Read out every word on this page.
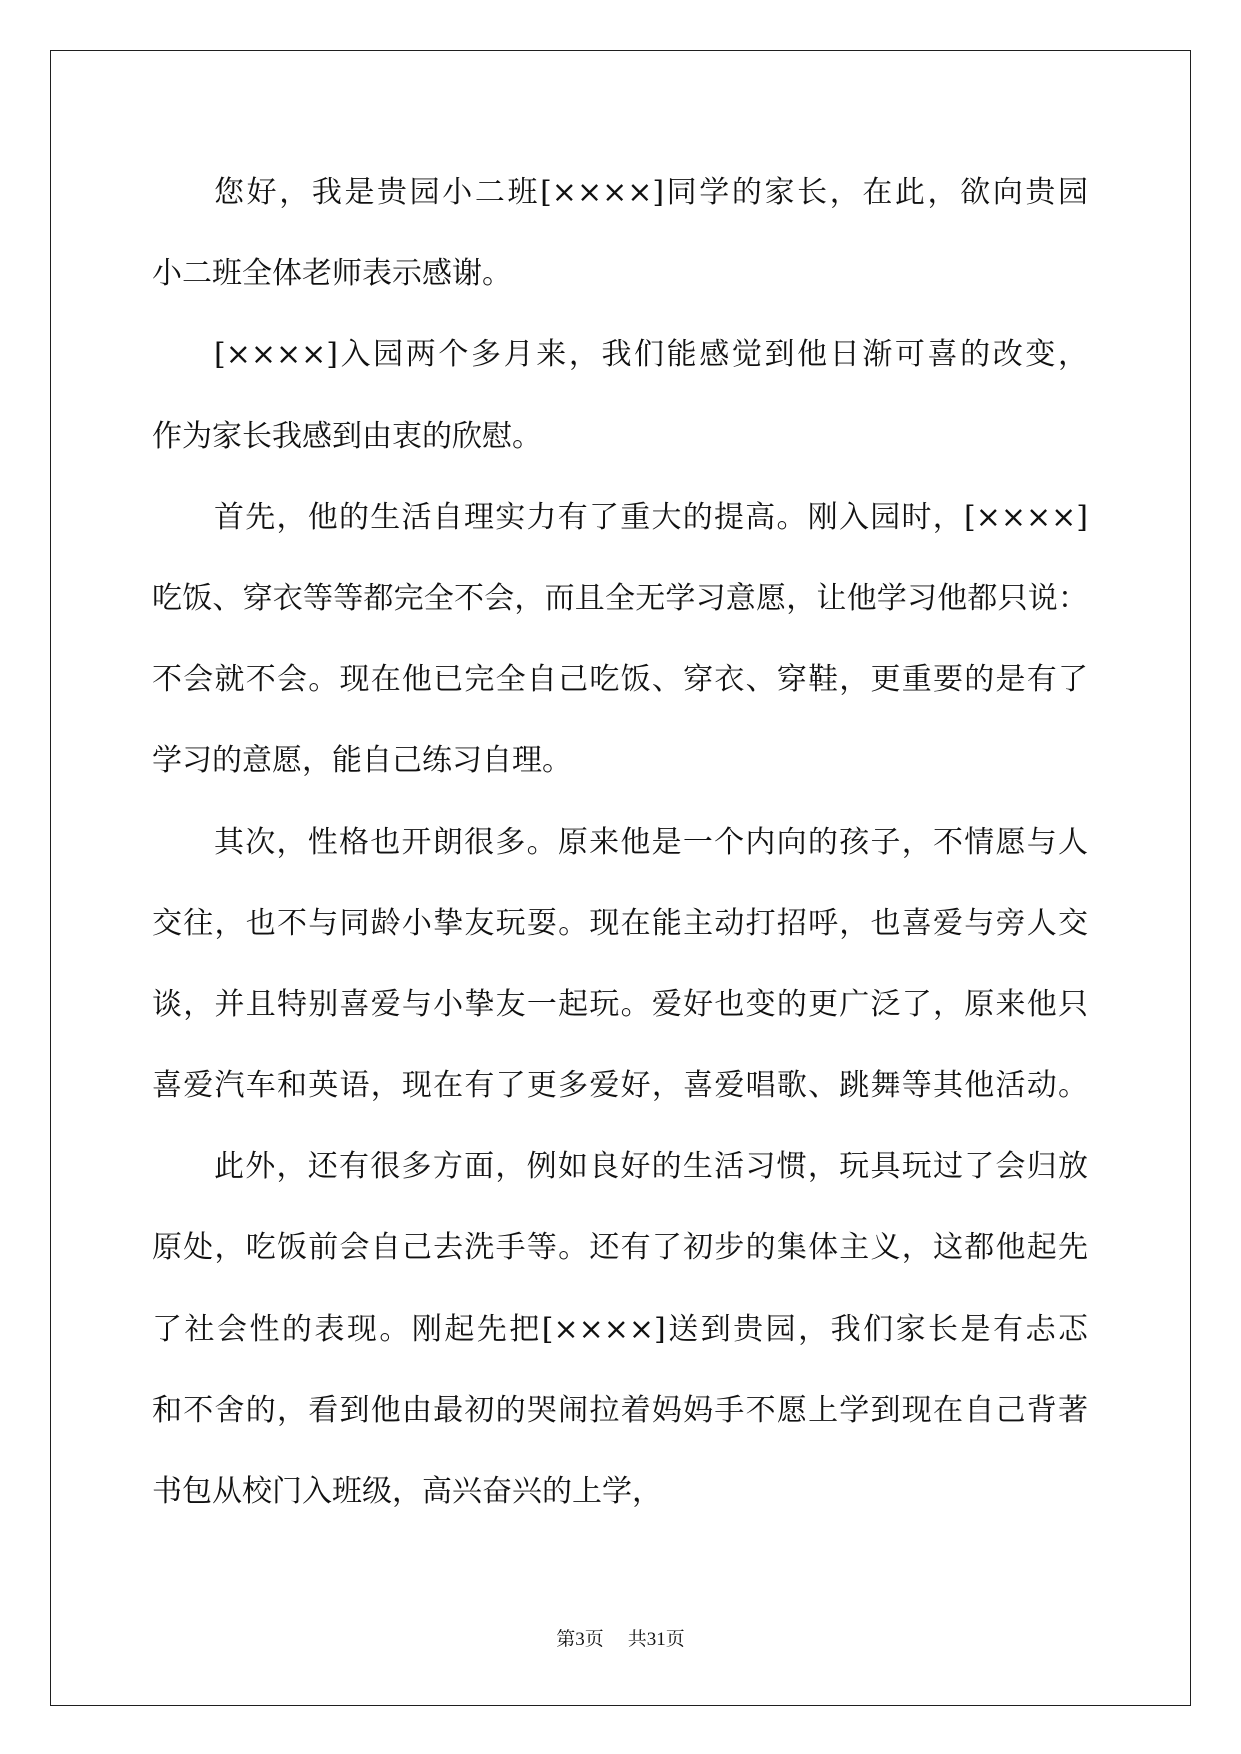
您好，我是贵园小二班[××××]同学的家长，在此，欲向贵园
小二班全体老师表示感谢。
[××××]入园两个多月来，我们能感觉到他日渐可喜的改变，
作为家长我感到由衷的欣慰。
首先，他的生活自理实力有了重大的提高。刚入园时，[××××]
吃饭、穿衣等等都完全不会，而且全无学习意愿，让他学习他都只说：
不会就不会。现在他已完全自己吃饭、穿衣、穿鞋，更重要的是有了
学习的意愿，能自己练习自理。
其次，性格也开朗很多。原来他是一个内向的孩子，不情愿与人
交往，也不与同龄小挚友玩耍。现在能主动打招呼，也喜爱与旁人交
谈，并且特别喜爱与小挚友一起玩。爱好也变的更广泛了，原来他只
喜爱汽车和英语，现在有了更多爱好，喜爱唱歌、跳舞等其他活动。
此外，还有很多方面，例如良好的生活习惯，玩具玩过了会归放
原处，吃饭前会自己去洗手等。还有了初步的集体主义，这都他起先
了社会性的表现。刚起先把[××××]送到贵园，我们家长是有忐忑
和不舍的，看到他由最初的哭闹拉着妈妈手不愿上学到现在自己背著
书包从校门入班级，高兴奋兴的上学，
第3页 共31页
